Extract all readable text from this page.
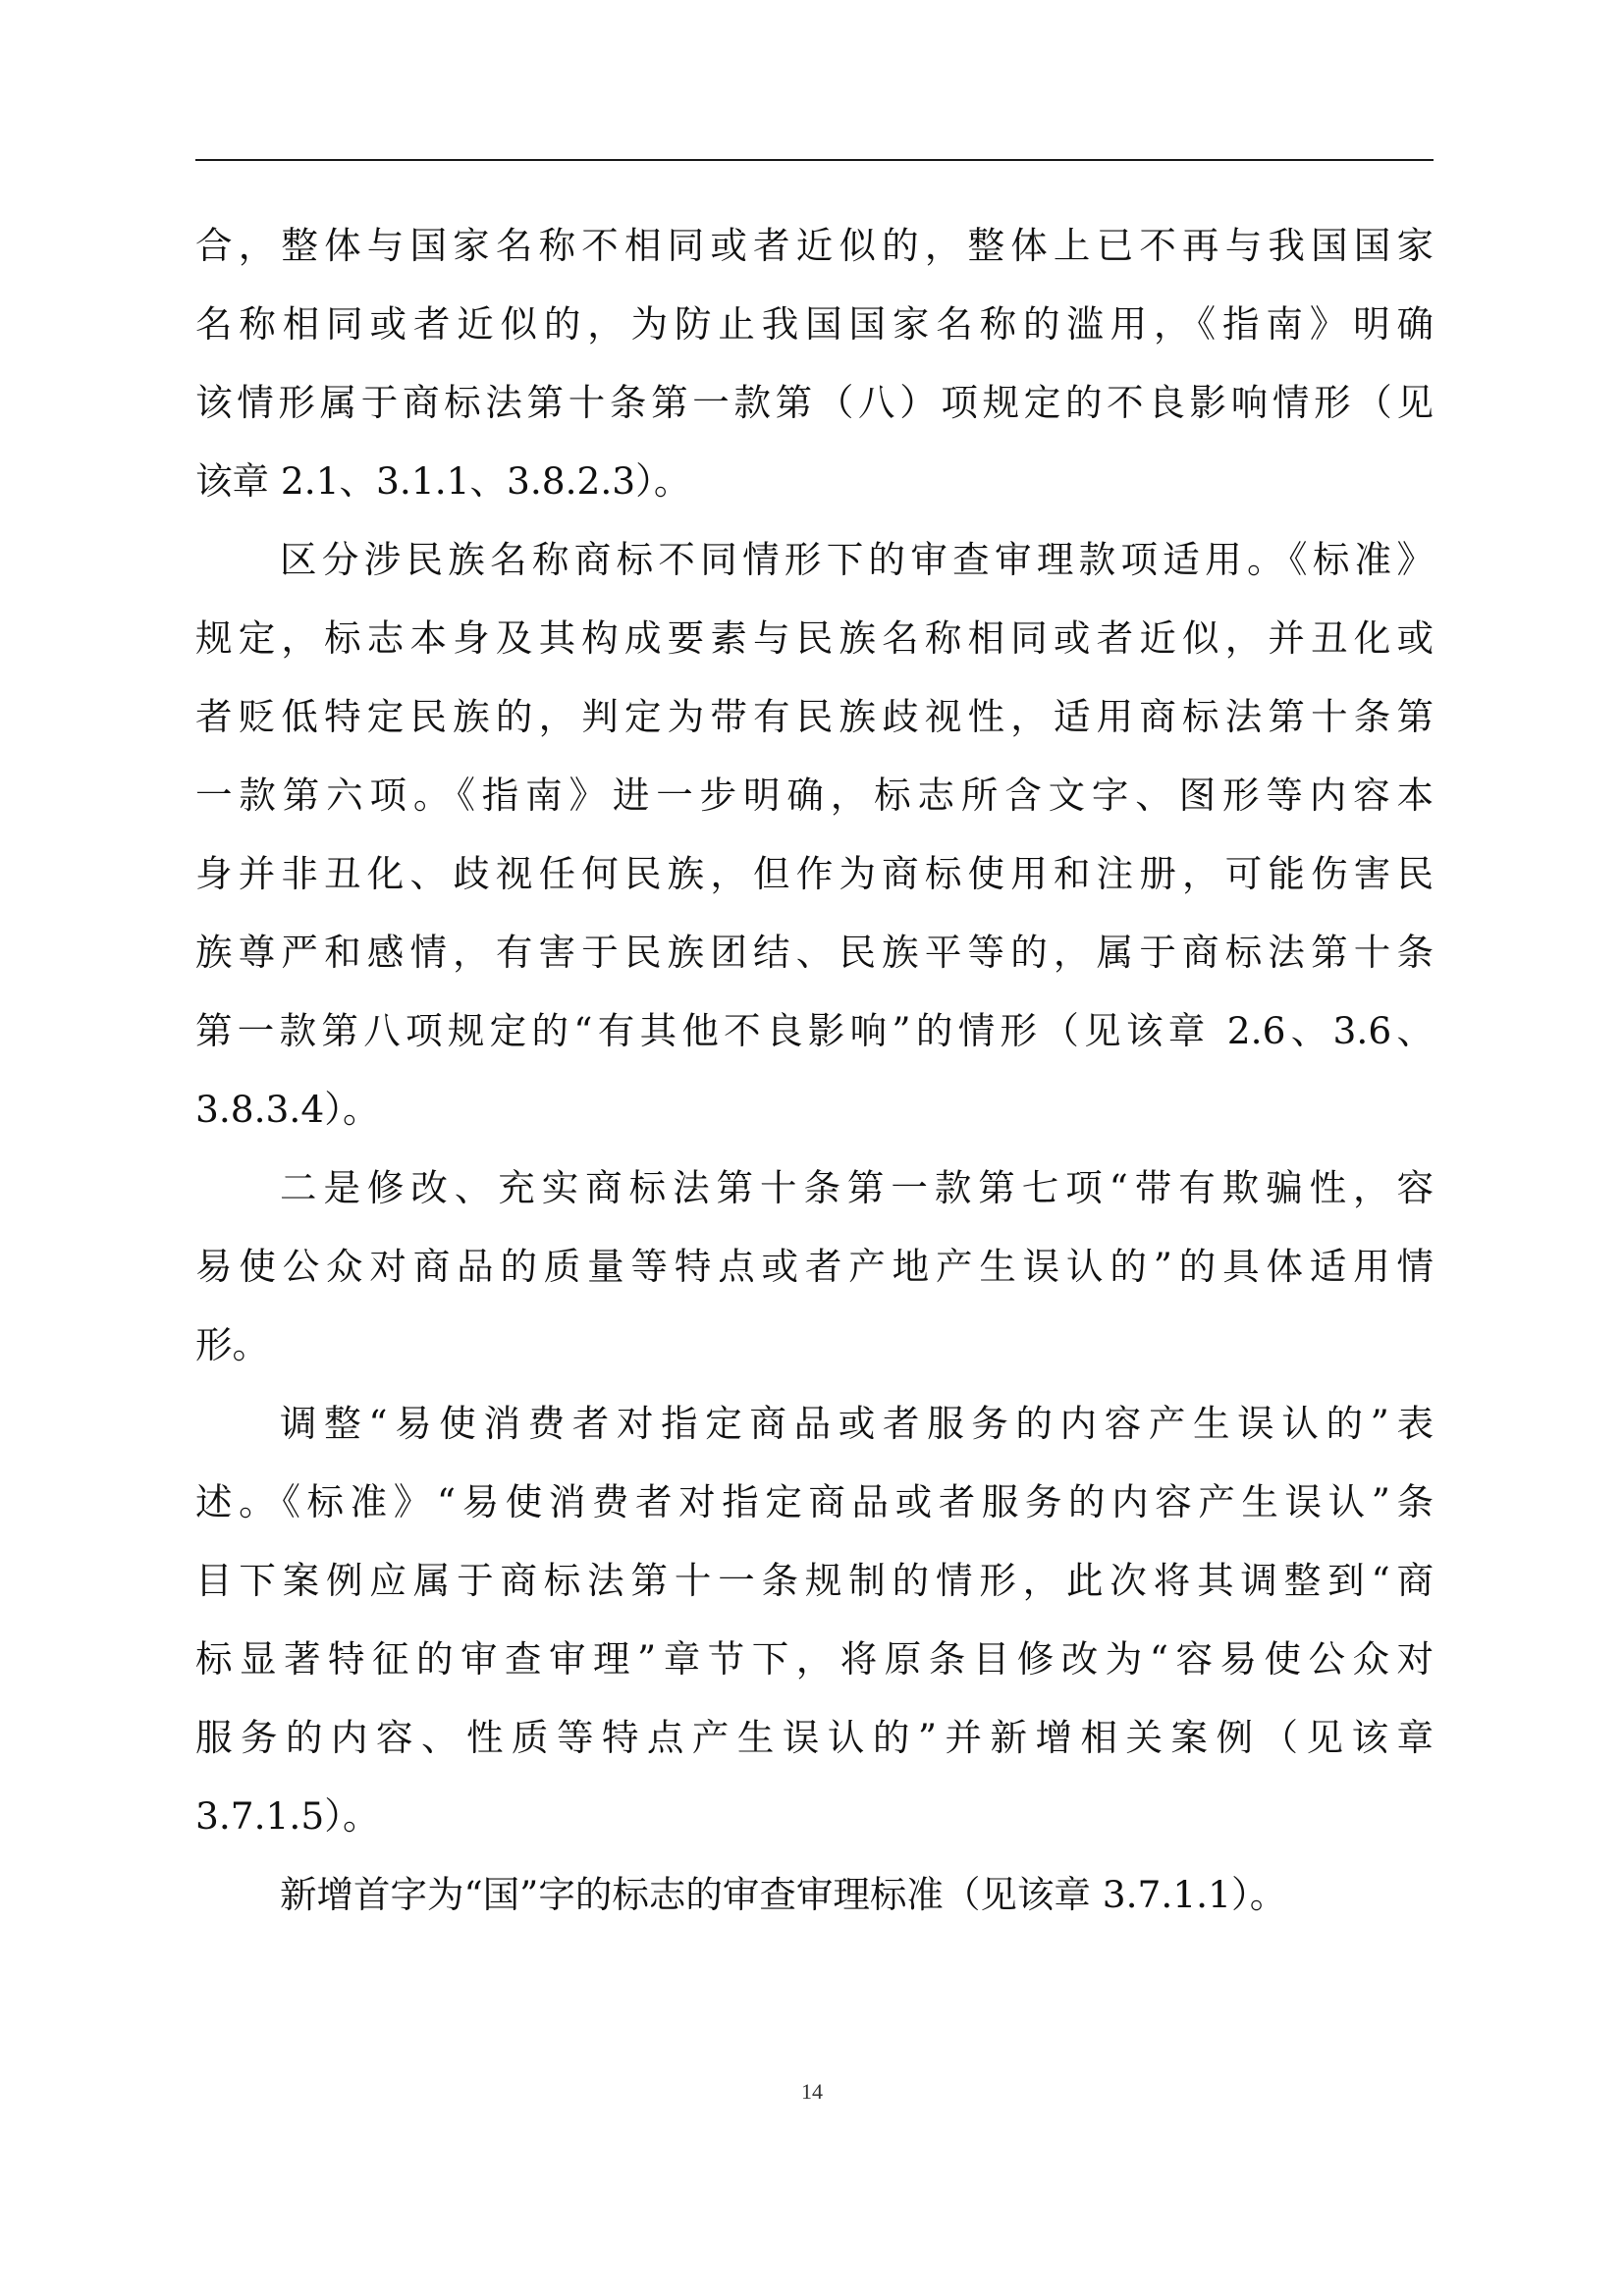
合，整体与国家名称不相同或者近似的，整体上已不再与我国国家
名称相同或者近似的，为防止我国国家名称的滥用，《指南》明确
该情形属于商标法第十条第一款第（八）项规定的不良影响情形（见
该章 2.1、3.1.1、3.8.2.3）。
区分涉民族名称商标不同情形下的审查审理款项适用。《标准》
规定，标志本身及其构成要素与民族名称相同或者近似，并丑化或
者贬低特定民族的，判定为带有民族歧视性，适用商标法第十条第
一款第六项。《指南》进一步明确，标志所含文字、图形等内容本
身并非丑化、歧视任何民族，但作为商标使用和注册，可能伤害民
族尊严和感情，有害于民族团结、民族平等的，属于商标法第十条
第一款第八项规定的“有其他不良影响”的情形（见该章 2.6、3.6、
3.8.3.4）。
二是修改、充实商标法第十条第一款第七项“带有欺骗性，容
易使公众对商品的质量等特点或者产地产生误认的”的具体适用情
形。
调整“易使消费者对指定商品或者服务的内容产生误认的”表
述。《标准》“易使消费者对指定商品或者服务的内容产生误认”条
目下案例应属于商标法第十一条规制的情形，此次将其调整到“商
标显著特征的审查审理”章节下，将原条目修改为“容易使公众对
服务的内容、性质等特点产生误认的”并新增相关案例（见该章
3.7.1.5）。
新增首字为“国”字的标志的审查审理标准（见该章 3.7.1.1）。
14
